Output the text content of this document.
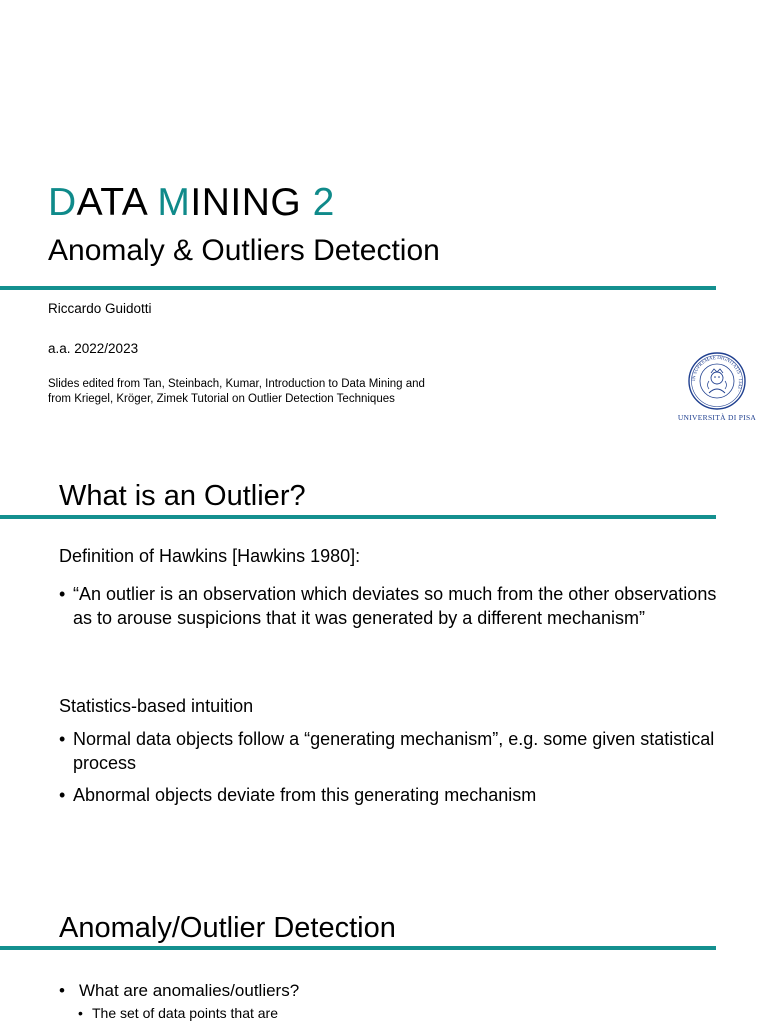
DATA MINING 2
Anomaly & Outliers Detection
Riccardo Guidotti
a.a. 2022/2023
Slides edited from Tan, Steinbach, Kumar, Introduction to Data Mining and
from Kriegel, Kröger, Zimek Tutorial on Outlier Detection Techniques
IN SUPREMAE DIGNITATIS · 1343 ·
UNIVERSITÀ DI PISA
What is an Outlier?
Definition of Hawkins [Hawkins 1980]:
• “An outlier is an observation which deviates so much from the other observations as to arouse suspicions that it was generated by a different mechanism”
Statistics-based intuition
• Normal data objects follow a “generating mechanism”, e.g. some given statistical process
• Abnormal objects deviate from this generating mechanism
Anomaly/Outlier Detection
• What are anomalies/outliers?
• The set of data points that are
